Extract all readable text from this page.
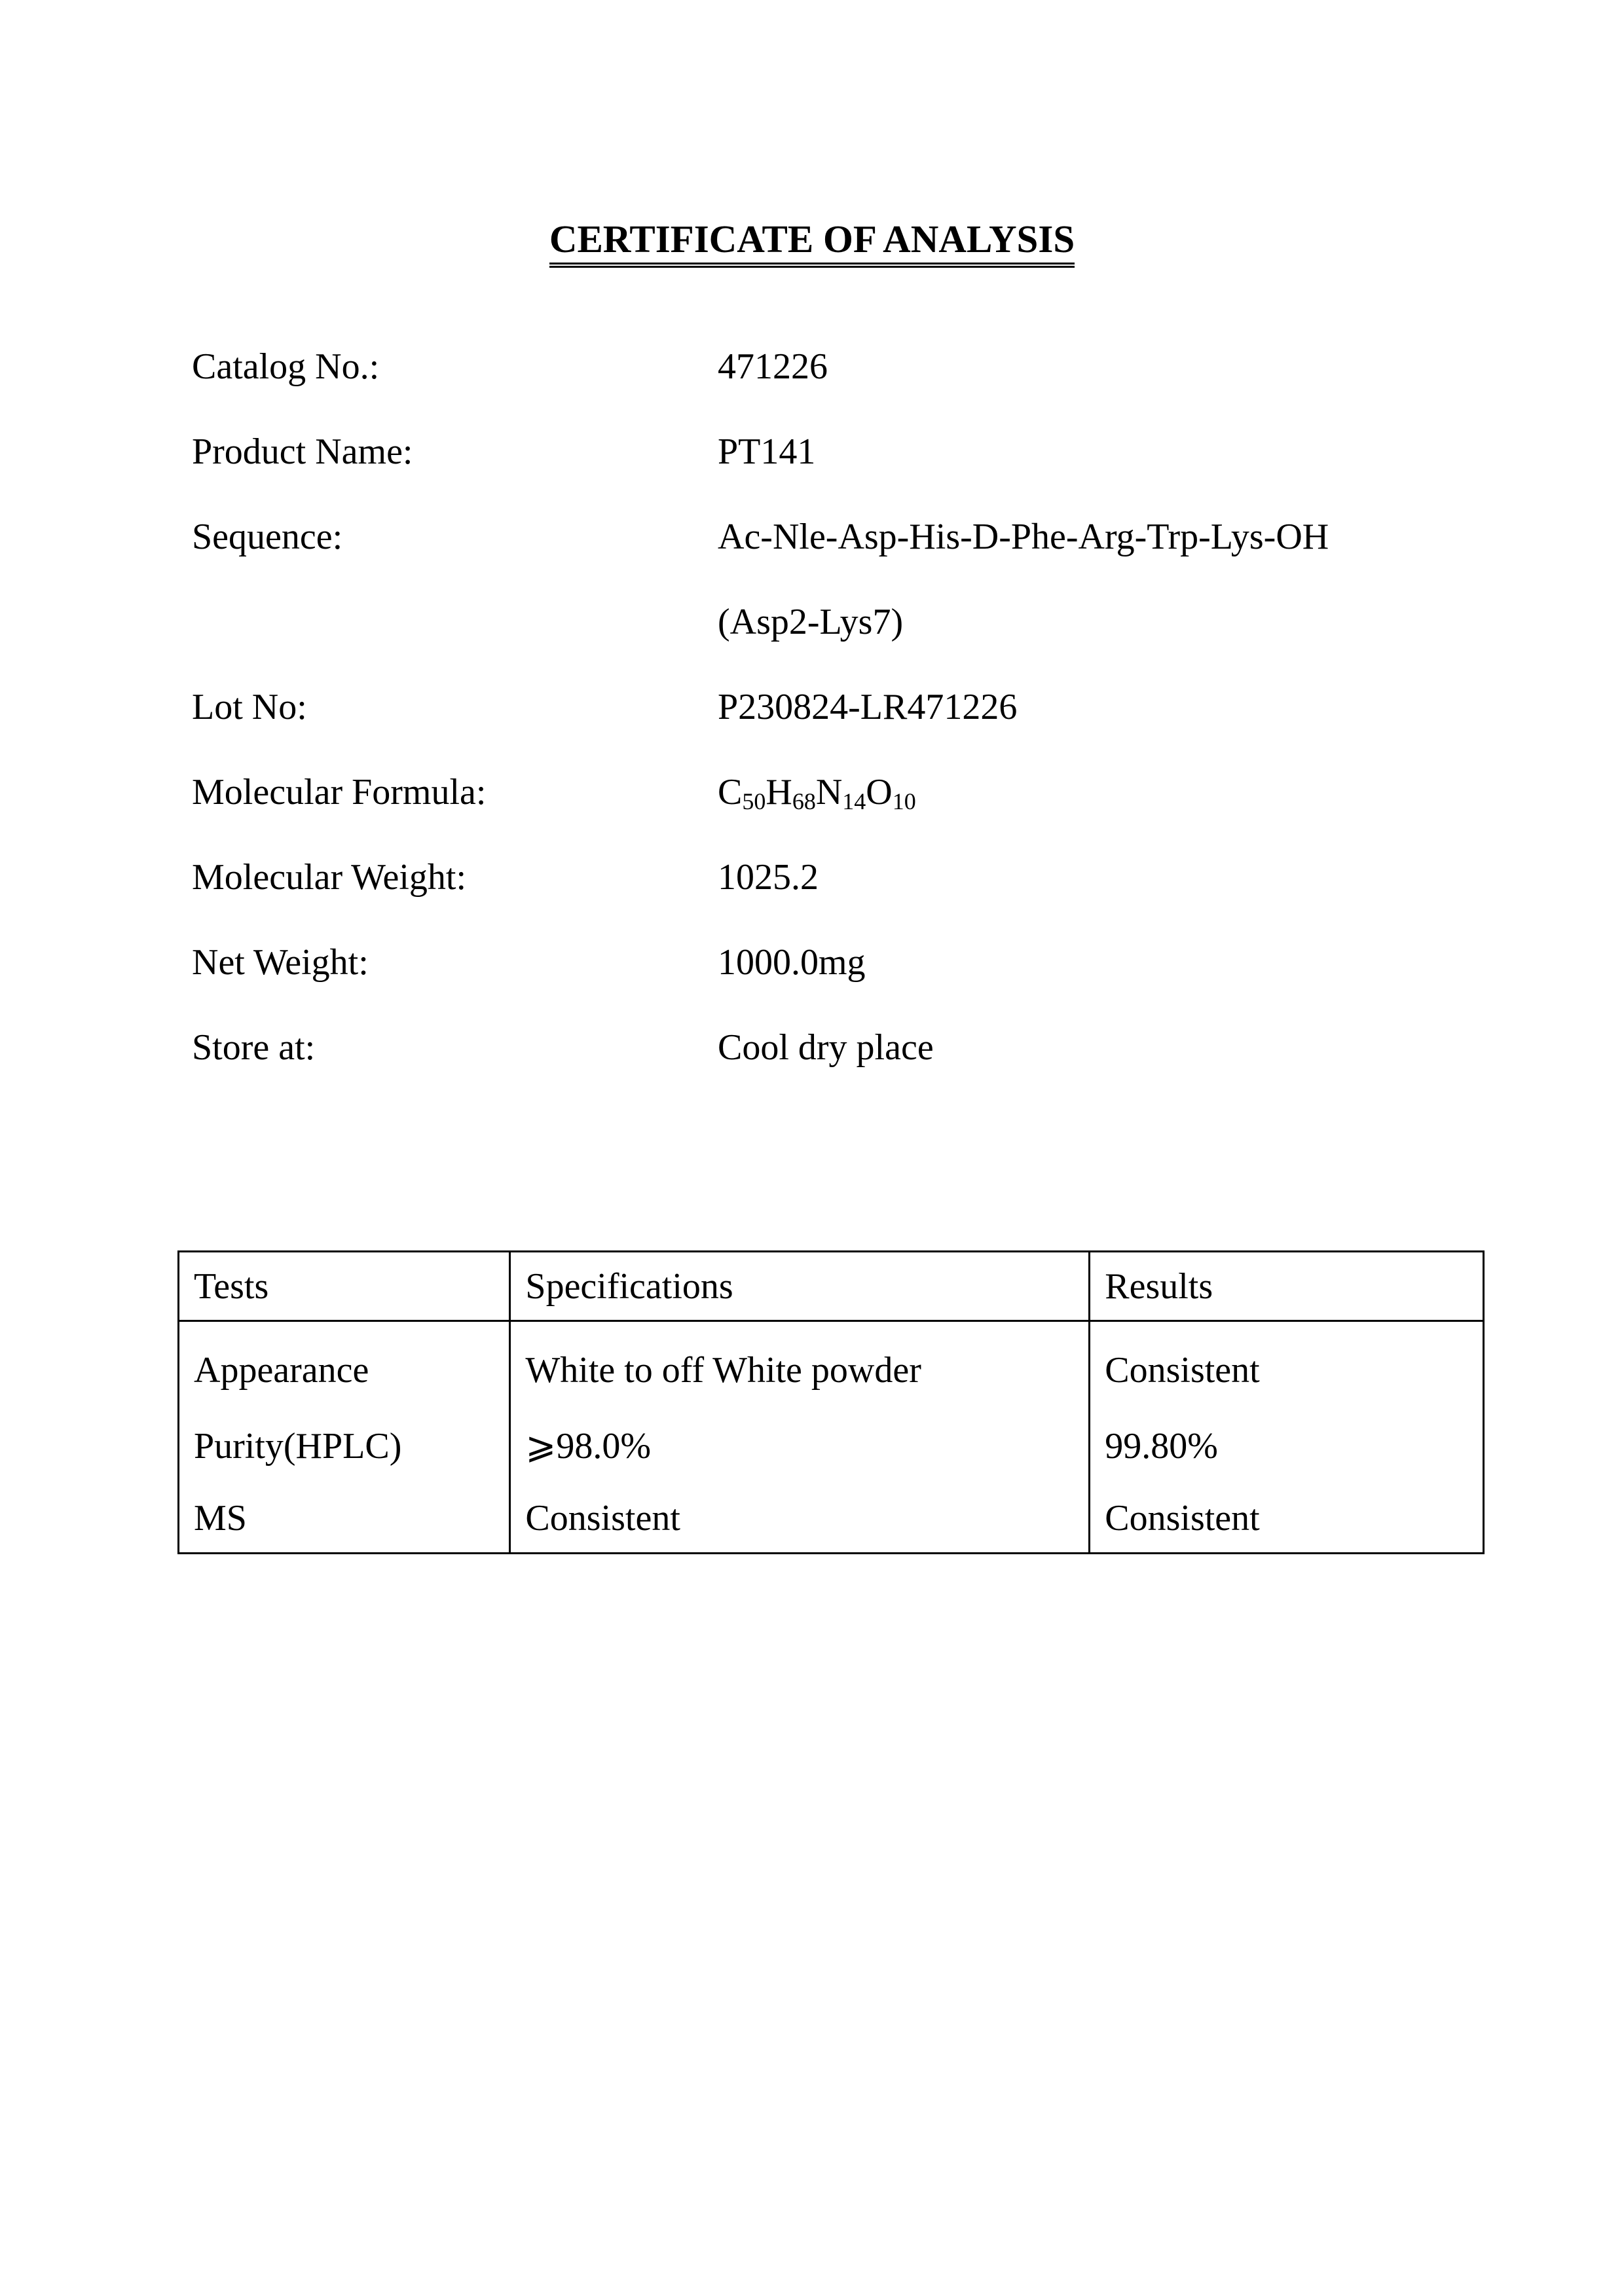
CERTIFICATE OF ANALYSIS
Catalog No.:	471226
Product Name:	PT141
Sequence:	Ac-Nle-Asp-His-D-Phe-Arg-Trp-Lys-OH
(Asp2-Lys7)
Lot No:	P230824-LR471226
Molecular Formula:	$C_{50}H_{68}N_{14}O_{10}$
Molecular Weight:	1025.2
Net Weight:	1000.0mg
Store at:	Cool dry place
Tests	Specifications	Results
Appearance	White to off White powder	Consistent
Purity(HPLC)	⩾98.0%	99.80%
MS	Consistent	Consistent
